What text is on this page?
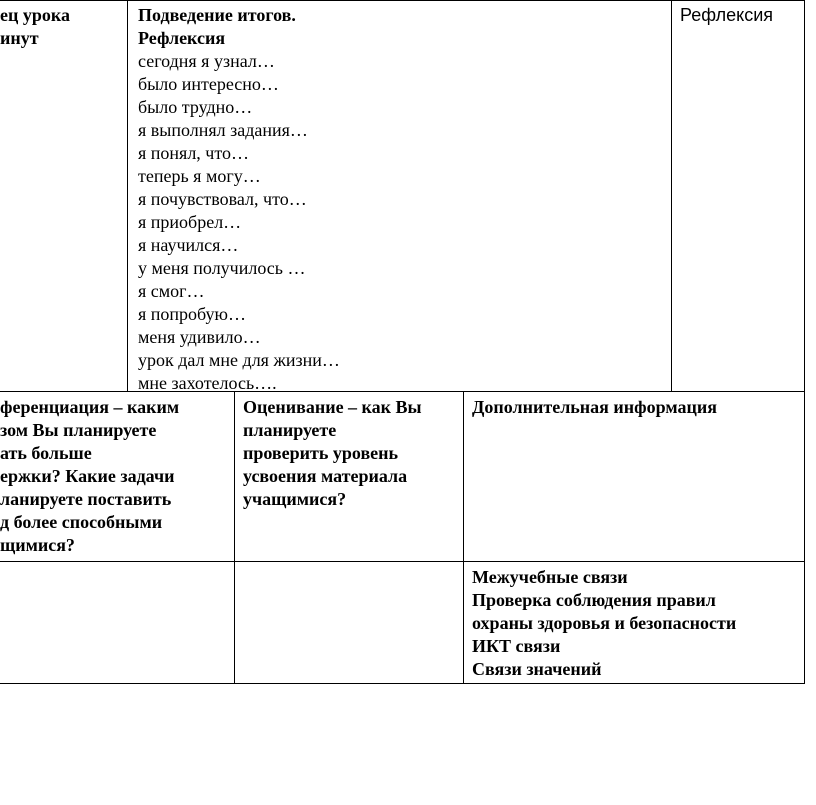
ец урока
инут
Подведение итогов.
Рефлексия
сегодня я узнал…
было интересно…
было трудно…
я выполнял задания…
я понял, что…
теперь я могу…
я почувствовал, что…
я приобрел…
я научился…
у меня получилось …
я смог…
я попробую…
меня удивило…
урок дал мне для жизни…
мне захотелось….
Рефлексия
ференциация – каким
зом Вы планируете
ать больше
ержки? Какие задачи
ланируете поставить
д более способными
щимися?
Оценивание – как Вы
планируете
проверить уровень
усвоения материала
учащимися?
Дополнительная информация
Межучебные связи
Проверка соблюдения правил
охраны здоровья и безопасности
ИКТ связи
Связи значений
